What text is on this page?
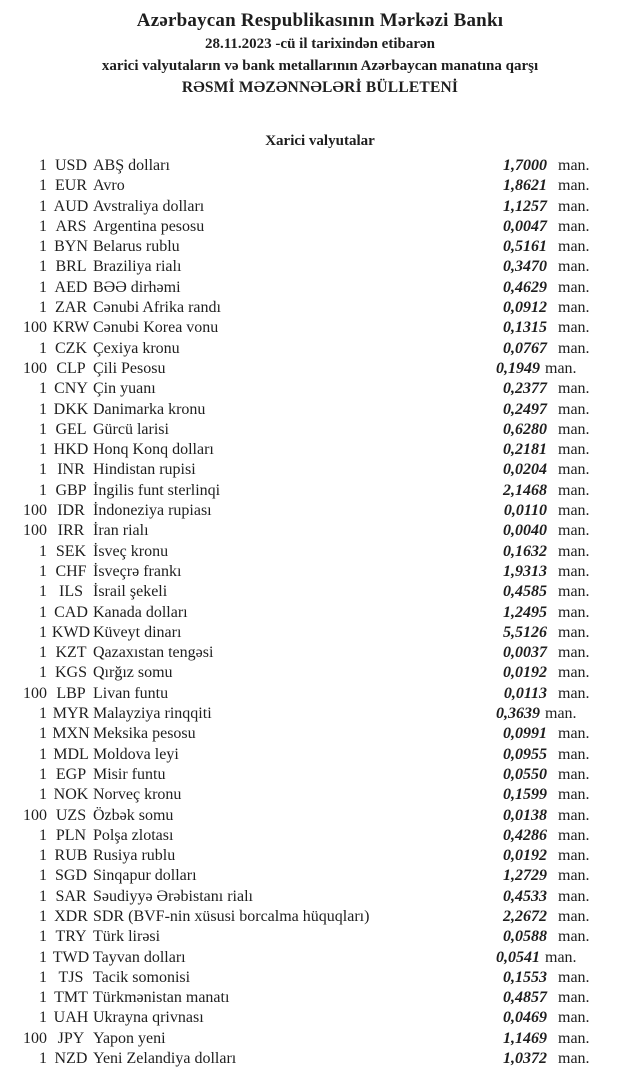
Azərbaycan Respublikasının Mərkəzi Bankı
28.11.2023 -cü il tarixindən etibarən
xarici valyutaların və bank metallarının Azərbaycan manatına qarşı
RƏSMİ MƏZƏNNƏLƏRİ BÜLLETENİ
Xarici valyutalar
1 USD ABŞ dolları	1,7000 man.
1 EUR Avro	1,8621 man.
1 AUD Avstraliya dolları	1,1257 man.
1 ARS Argentina pesosu	0,0047 man.
1 BYN Belarus rublu	0,5161 man.
1 BRL Braziliya rialı	0,3470 man.
1 AED BƏƏ dirhəmi	0,4629 man.
1 ZAR Cənubi Afrika randı	0,0912 man.
100 KRW Cənubi Korea vonu	0,1315 man.
1 CZK Çexiya kronu	0,0767 man.
100 CLP Çili Pesosu	0,1949 man.
1 CNY Çin yuanı	0,2377 man.
1 DKK Danimarka kronu	0,2497 man.
1 GEL Gürcü larisi	0,6280 man.
1 HKD Honq Konq dolları	0,2181 man.
1 INR Hindistan rupisi	0,0204 man.
1 GBP İngilis funt sterlinqi	2,1468 man.
100 IDR İndoneziya rupiası	0,0110 man.
100 IRR İran rialı	0,0040 man.
1 SEK İsveç kronu	0,1632 man.
1 CHF İsveçrə frankı	1,9313 man.
1 ILS İsrail şekeli	0,4585 man.
1 CAD Kanada dolları	1,2495 man.
1 KWD Küveyt dinarı	5,5126 man.
1 KZT Qazaxıstan tengəsi	0,0037 man.
1 KGS Qırğız somu	0,0192 man.
100 LBP Livan funtu	0,0113 man.
1 MYR Malayziya rinqqiti	0,3639 man.
1 MXN Meksika pesosu	0,0991 man.
1 MDL Moldova leyi	0,0955 man.
1 EGP Misir funtu	0,0550 man.
1 NOK Norveç kronu	0,1599 man.
100 UZS Özbək somu	0,0138 man.
1 PLN Polşa zlotası	0,4286 man.
1 RUB Rusiya rublu	0,0192 man.
1 SGD Sinqapur dolları	1,2729 man.
1 SAR Səudiyyə Ərəbistanı rialı	0,4533 man.
1 XDR SDR (BVF-nin xüsusi borcalma hüquqları)	2,2672 man.
1 TRY Türk lirəsi	0,0588 man.
1 TWD Tayvan dolları	0,0541 man.
1 TJS Tacik somonisi	0,1553 man.
1 TMT Türkmənistan manatı	0,4857 man.
1 UAH Ukrayna qrivnası	0,0469 man.
100 JPY Yapon yeni	1,1469 man.
1 NZD Yeni Zelandiya dolları	1,0372 man.
